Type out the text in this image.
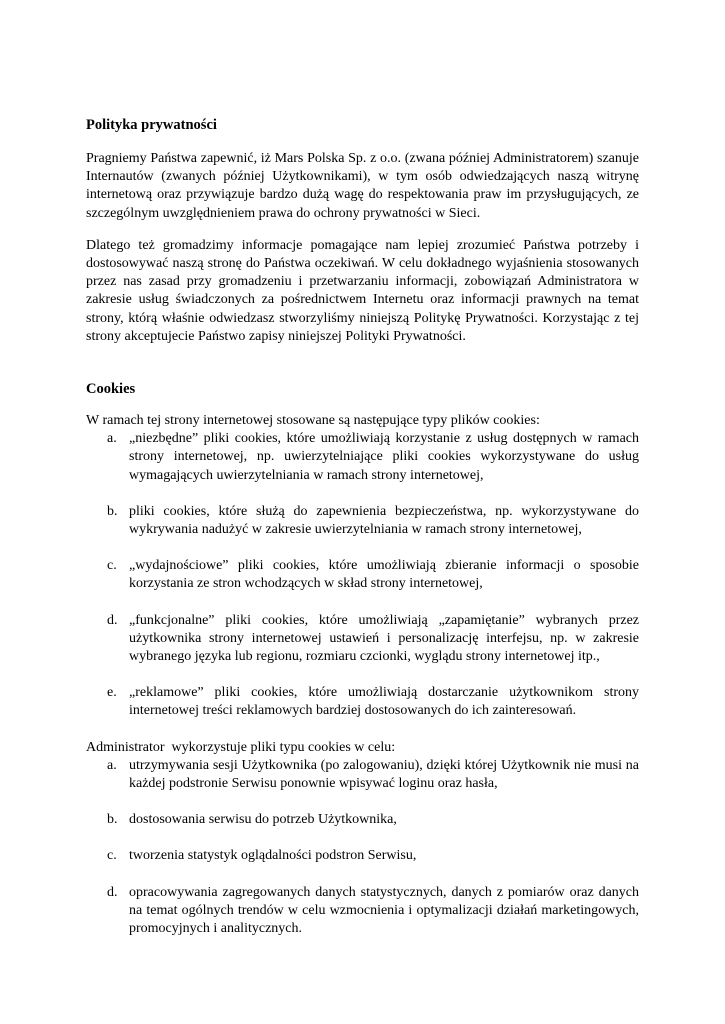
Polityka prywatności

Pragniemy Państwa zapewnić, iż Mars Polska Sp. z o.o. (zwana później Administratorem) szanuje Internautów (zwanych później Użytkownikami), w tym osób odwiedzających naszą witrynę internetową oraz przywiązuje bardzo dużą wagę do respektowania praw im przysługujących, ze szczególnym uwzględnieniem prawa do ochrony prywatności w Sieci.

Dlatego też gromadzimy informacje pomagające nam lepiej zrozumieć Państwa potrzeby i dostosowywać naszą stronę do Państwa oczekiwań. W celu dokładnego wyjaśnienia stosowanych przez nas zasad przy gromadzeniu i przetwarzaniu informacji, zobowiązań Administratora w zakresie usług świadczonych za pośrednictwem Internetu oraz informacji prawnych na temat strony, którą właśnie odwiedzasz stworzyliśmy niniejszą Politykę Prywatności. Korzystając z tej strony akceptujecie Państwo zapisy niniejszej Polityki Prywatności.

Cookies

W ramach tej strony internetowej stosowane są następujące typy plików cookies:

a. „niezbędne” pliki cookies, które umożliwiają korzystanie z usług dostępnych w ramach strony internetowej, np. uwierzytelniające pliki cookies wykorzystywane do usług wymagających uwierzytelniania w ramach strony internetowej,
b. pliki cookies, które służą do zapewnienia bezpieczeństwa, np. wykorzystywane do wykrywania nadużyć w zakresie uwierzytelniania w ramach strony internetowej,
c. „wydajnościowe” pliki cookies, które umożliwiają zbieranie informacji o sposobie korzystania ze stron wchodzących w skład strony internetowej,
d. „funkcjonalne” pliki cookies, które umożliwiają „zapamiętanie” wybranych przez użytkownika strony internetowej ustawień i personalizację interfejsu, np. w zakresie wybranego języka lub regionu, rozmiaru czcionki, wyglądu strony internetowej itp.,
e. „reklamowe” pliki cookies, które umożliwiają dostarczanie użytkownikom strony internetowej treści reklamowych bardziej dostosowanych do ich zainteresowań.

Administrator  wykorzystuje pliki typu cookies w celu:

a. utrzymywania sesji Użytkownika (po zalogowaniu), dzięki której Użytkownik nie musi na każdej podstronie Serwisu ponownie wpisywać loginu oraz hasła,
b. dostosowania serwisu do potrzeb Użytkownika,
c. tworzenia statystyk oglądalności podstron Serwisu,
d. opracowywania zagregowanych danych statystycznych, danych z pomiarów oraz danych na temat ogólnych trendów w celu wzmocnienia i optymalizacji działań marketingowych, promocyjnych i analitycznych.
